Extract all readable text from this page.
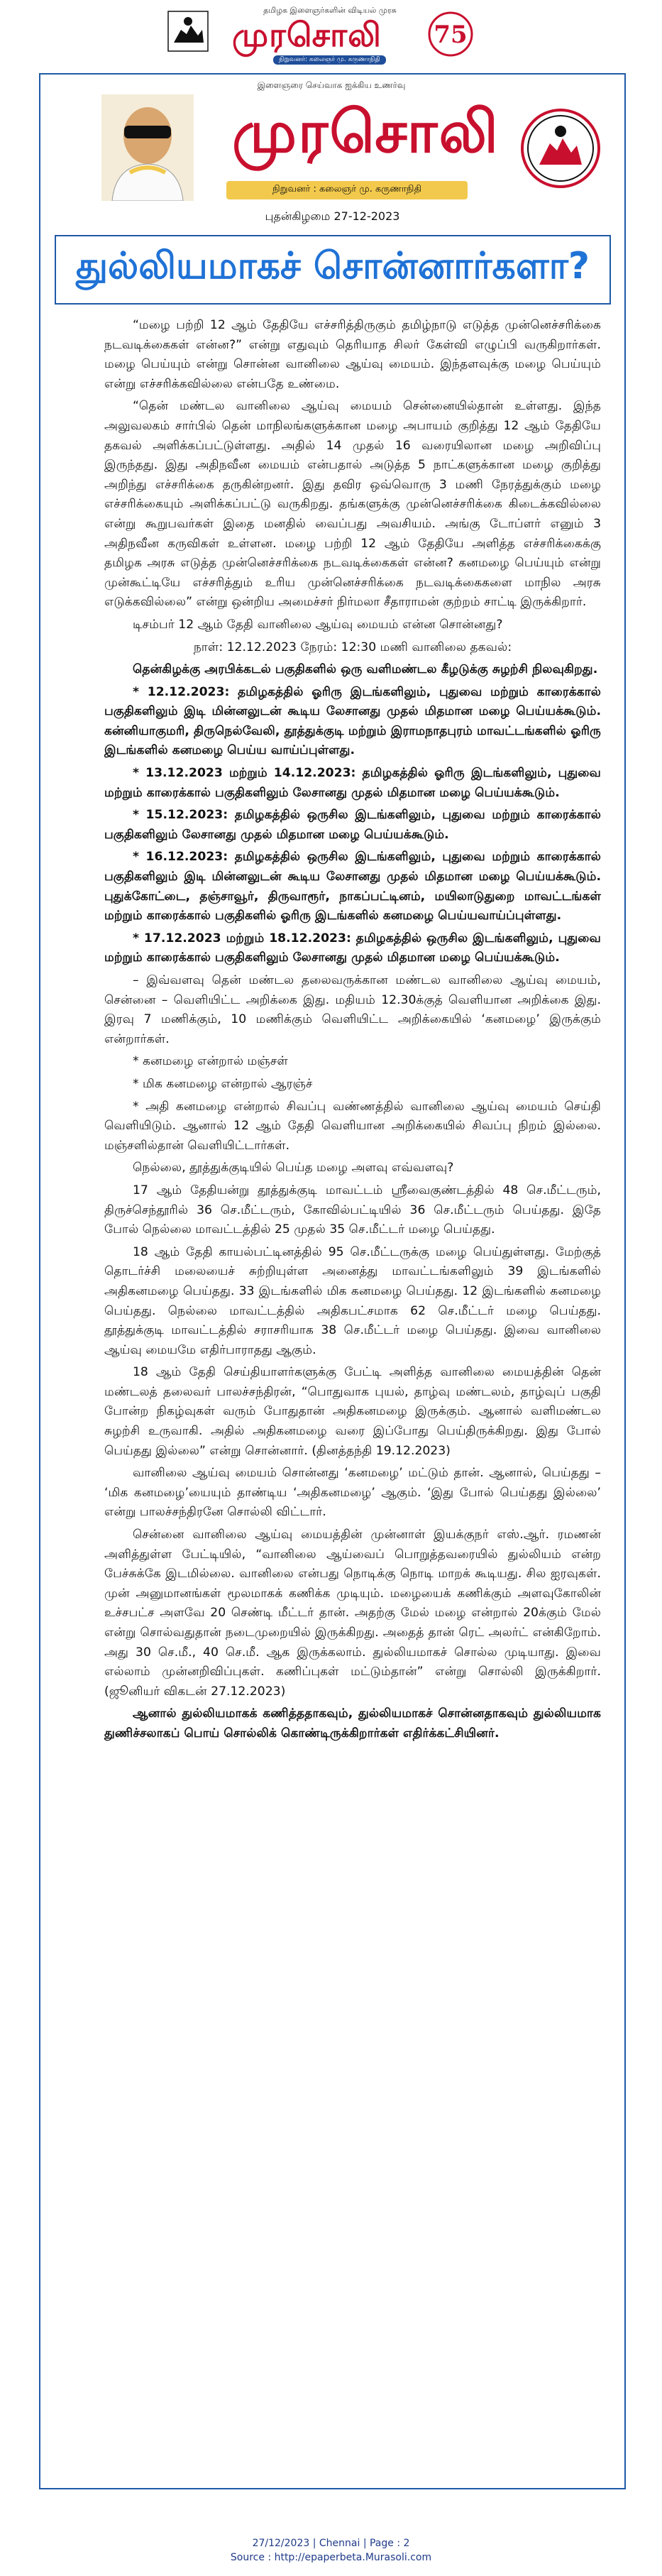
தமிழக இளைஞர்களின் விடியல் முரசு
முரசொலி
நிறுவனர்: கலைஞர் மு. கருணாநிதி
75
இளைஞரை செய்வாக ஐக்கிய உணர்வு
முரசொலி
நிறுவனர் : கலைஞர் மு. கருணாநிதி
புதன்கிழமை 27-12-2023
துல்லியமாகச் சொன்னார்களா?

“மழை பற்றி 12 ஆம் தேதியே எச்சரித்திருகும் தமிழ்நாடு எடுத்த முன்னெச்சரிக்கை நடவடிக்கைகள் என்ன?” என்று எதுவும் தெரியாத சிலர் கேள்வி எழுப்பி வருகிறார்கள். மழை பெய்யும் என்று சொன்ன வானிலை ஆய்வு மையம். இந்தளவுக்கு மழை பெய்யும் என்று எச்சரிக்கவில்லை என்பதே உண்மை.

“தென் மண்டல வானிலை ஆய்வு மையம் சென்னையில்தான் உள்ளது. இந்த அலுவலகம் சார்பில் தென் மாநிலங்களுக்கான மழை அபாயம் குறித்து 12 ஆம் தேதியே தகவல் அளிக்கப்பட்டுள்ளது. அதில் 14 முதல் 16 வரையிலான மழை அறிவிப்பு இருந்தது. இது அதிநவீன மையம் என்பதால் அடுத்த 5 நாட்களுக்கான மழை குறித்து அறிந்து எச்சரிக்கை தருகின்றனர். இது தவிர ஒவ்வொரு 3 மணி நேரத்துக்கும் மழை எச்சரிக்கையும் அளிக்கப்பட்டு வருகிறது. தங்களுக்கு முன்னெச்சரிக்கை கிடைக்கவில்லை என்று கூறுபவர்கள் இதை மனதில் வைப்பது அவசியம். அங்கு டோப்ளர் எனும் 3 அதிநவீன கருவிகள் உள்ளன. மழை பற்றி 12 ஆம் தேதியே அளித்த எச்சரிக்கைக்கு தமிழக அரசு எடுத்த முன்னெச்சரிக்கை நடவடிக்கைகள் என்ன? கனமழை பெய்யும் என்று முன்கூட்டியே எச்சரித்தும் உரிய முன்னெச்சரிக்கை நடவடிக்கைகளை மாநில அரசு எடுக்கவில்லை” என்று ஒன்றிய அமைச்சர் நிர்மலா சீதாராமன் குற்றம் சாட்டி இருக்கிறார்.

டிசம்பர் 12 ஆம் தேதி வானிலை ஆய்வு மையம் என்ன சொன்னது?

நாள்: 12.12.2023 நேரம்: 12:30 மணி வானிலை தகவல்:

தென்கிழக்கு அரபிக்கடல் பகுதிகளில் ஒரு வளிமண்டல கீழடுக்கு சுழற்சி நிலவுகிறது.

* 12.12.2023: தமிழகத்தில் ஓரிரு இடங்களிலும், புதுவை மற்றும் காரைக்கால் பகுதிகளிலும் இடி மின்னலுடன் கூடிய லேசானது முதல் மிதமான மழை பெய்யக்கூடும். கன்னியாகுமரி, திருநெல்வேலி, தூத்துக்குடி மற்றும் இராமநாதபுரம் மாவட்டங்களில் ஓரிரு இடங்களில் கனமழை பெய்ய வாய்ப்புள்ளது.

* 13.12.2023 மற்றும் 14.12.2023: தமிழகத்தில் ஓரிரு இடங்களிலும், புதுவை மற்றும் காரைக்கால் பகுதிகளிலும் லேசானது முதல் மிதமான மழை பெய்யக்கூடும்.

* 15.12.2023: தமிழகத்தில் ஒருசில இடங்களிலும், புதுவை மற்றும் காரைக்கால் பகுதிகளிலும் லேசானது முதல் மிதமான மழை பெய்யக்கூடும்.

* 16.12.2023: தமிழகத்தில் ஒருசில இடங்களிலும், புதுவை மற்றும் காரைக்கால் பகுதிகளிலும் இடி மின்னலுடன் கூடிய லேசானது முதல் மிதமான மழை பெய்யக்கூடும். புதுக்கோட்டை, தஞ்சாவூர், திருவாரூர், நாகப்பட்டினம், மயிலாடுதுறை மாவட்டங்கள் மற்றும் காரைக்கால் பகுதிகளில் ஓரிரு இடங்களில் கனமழை பெய்யவாய்ப்புள்ளது.

* 17.12.2023 மற்றும் 18.12.2023: தமிழகத்தில் ஒருசில இடங்களிலும், புதுவை மற்றும் காரைக்கால் பகுதிகளிலும் லேசானது முதல் மிதமான மழை பெய்யக்கூடும்.

– இவ்வளவு தென் மண்டல தலைவருக்கான மண்டல வானிலை ஆய்வு மையம், சென்னை – வெளியிட்ட அறிக்கை இது. மதியம் 12.30க்குத் வெளியான அறிக்கை இது. இரவு 7 மணிக்கும், 10 மணிக்கும் வெளியிட்ட அறிக்கையில் ‘கனமழை’ இருக்கும் என்றார்கள்.

* கனமழை என்றால் மஞ்சள்

* மிக கனமழை என்றால் ஆரஞ்ச்

* அதி கனமழை என்றால் சிவப்பு வண்ணத்தில் வானிலை ஆய்வு மையம் செய்தி வெளியிடும். ஆனால் 12 ஆம் தேதி வெளியான அறிக்கையில் சிவப்பு நிறம் இல்லை. மஞ்சளில்தான் வெளியிட்டார்கள்.

நெல்லை, தூத்துக்குடியில் பெய்த மழை அளவு எவ்வளவு?

17 ஆம் தேதியன்று தூத்துக்குடி மாவட்டம் ஸ்ரீவைகுண்டத்தில் 48 செ.மீட்டரும், திருச்செந்தூரில் 36 செ.மீட்டரும், கோவில்பட்டியில் 36 செ.மீட்டரும் பெய்தது. இதே போல் நெல்லை மாவட்டத்தில் 25 முதல் 35 செ.மீட்டர் மழை பெய்தது.

18 ஆம் தேதி காயல்பட்டினத்தில் 95 செ.மீட்டருக்கு மழை பெய்துள்ளது. மேற்குத் தொடர்ச்சி மலையைச் சுற்றியுள்ள அனைத்து மாவட்டங்களிலும் 39 இடங்களில் அதிகனமழை பெய்தது. 33 இடங்களில் மிக கனமழை பெய்தது. 12 இடங்களில் கனமழை பெய்தது. நெல்லை மாவட்டத்தில் அதிகபட்சமாக 62 செ.மீட்டர் மழை பெய்தது. தூத்துக்குடி மாவட்டத்தில் சராசரியாக 38 செ.மீட்டர் மழை பெய்தது. இவை வானிலை ஆய்வு மையமே எதிர்பாராதது ஆகும்.

18 ஆம் தேதி செய்தியாளர்களுக்கு பேட்டி அளித்த வானிலை மையத்தின் தென் மண்டலத் தலைவர் பாலச்சந்திரன், “பொதுவாக புயல், தாழ்வு மண்டலம், தாழ்வுப் பகுதி போன்ற நிகழ்வுகள் வரும் போதுதான் அதிகனமழை இருக்கும். ஆனால் வளிமண்டல சுழற்சி உருவாகி. அதில் அதிகனமழை வரை இப்போது பெய்திருக்கிறது. இது போல் பெய்தது இல்லை” என்று சொன்னார். (தினத்தந்தி 19.12.2023)

வானிலை ஆய்வு மையம் சொன்னது ‘கனமழை’ மட்டும் தான். ஆனால், பெய்தது – ‘மிக கனமழை’யையும் தாண்டிய ‘அதிகனமழை’ ஆகும். ‘இது போல் பெய்தது இல்லை’ என்று பாலச்சந்திரனே சொல்லி விட்டார்.

சென்னை வானிலை ஆய்வு மையத்தின் முன்னாள் இயக்குநர் எஸ்.ஆர். ரமணன் அளித்துள்ள பேட்டியில், “வானிலை ஆய்வைப் பொறுத்தவரையில் துல்லியம் என்ற பேச்சுக்கே இடமில்லை. வானிலை என்பது நொடிக்கு நொடி மாறக் கூடியது. சில ஐரவுகள். முன் அனுமானங்கள் மூலமாகக் கணிக்க முடியும். மழையைக் கணிக்கும் அளவுகோலின் உச்சபட்ச அளவே 20 செண்டி மீட்டர் தான். அதற்கு மேல் மழை என்றால் 20க்கும் மேல் என்று சொல்வதுதான் நடைமுறையில் இருக்கிறது. அதைத் தான் ரெட் அலர்ட் என்கிறோம். அது 30 செ.மீ., 40 செ.மீ. ஆக இருக்கலாம். துல்லியமாகச் சொல்ல முடியாது. இவை எல்லாம் முன்னறிவிப்புகள். கணிப்புகள் மட்டும்தான்” என்று சொல்லி இருக்கிறார். (ஜூனியர் விகடன் 27.12.2023)

ஆனால் துல்லியமாகக் கணித்ததாகவும், துல்லியமாகச் சொன்னதாகவும் துல்லியமாக துணிச்சலாகப் பொய் சொல்லிக் கொண்டிருக்கிறார்கள் எதிர்க்கட்சியினர்.

27/12/2023 | Chennai | Page : 2
Source : http://epaperbeta.Murasoli.com
